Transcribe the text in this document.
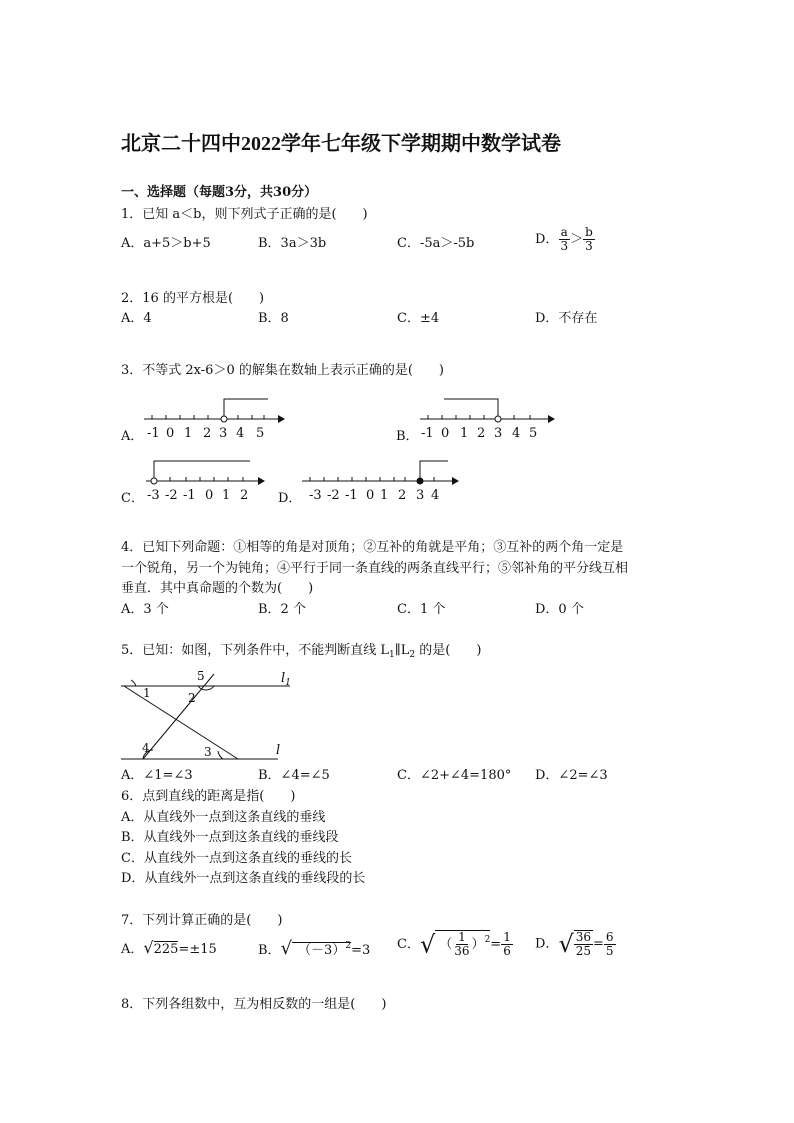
北京二十四中2022学年七年级下学期期中数学试卷
一、选择题（每题3分，共30分）
1．已知 a＜b，则下列式子正确的是(　　)
A．a+5＞b+5	B．3a＞3b	C．-5a＞-5b	D． $\frac{a}{3} > \frac{b}{3}$
2．16 的平方根是(　　)
A．4	B．8	C．±4	D．不存在
3．不等式 2x-6＞0 的解集在数轴上表示正确的是(　　)
A．	B．
C．	D．
-1 0 1 2 3 4 5	-1 0 1 2 3 4 5
-3 -2 -1 0 1 2	-3 -2 -1 0 1 2 3 4
4．已知下列命题：①相等的角是对顶角；②互补的角就是平角；③互补的两个角一定是
一个锐角，另一个为钝角；④平行于同一条直线的两条直线平行；⑤邻补角的平分线互相
垂直．其中真命题的个数为(　　)
A．3 个	B．2 个	C．1 个	D．0 个
5．已知：如图，下列条件中，不能判断直线 $L_1\parallel L_2$ 的是(　　)
$l_1$
l
1	2
3
4
5
A．∠1=∠3	B．∠4=∠5	C．∠2+∠4=180° D．∠2=∠3
6．点到直线的距离是指(　　)
A．从直线外一点到这条直线的垂线
B．从直线外一点到这条直线的垂线段
C．从直线外一点到这条直线的垂线的长
D．从直线外一点到这条直线的垂线段的长
7．下列计算正确的是(　　)
A．√225=±15	B．√ $(-3)^2=3$ C．√ （ $\frac{1}{36} )^2= \frac{1}{6}$ D．√ $\frac{36}{25} = \frac{6}{5}$
8．下列各组数中，互为相反数的一组是(　　)
